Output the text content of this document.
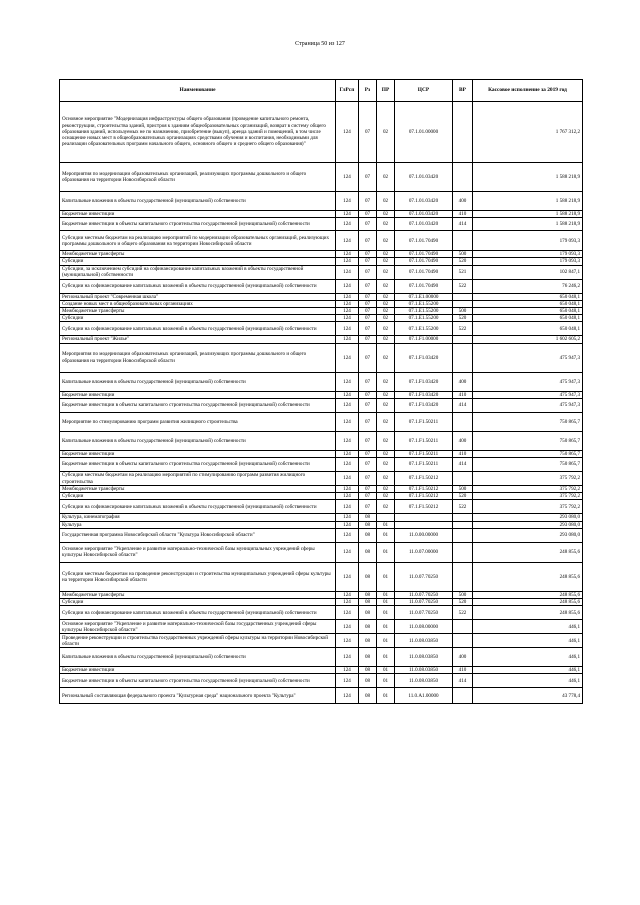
Страница 50 из 127
Наименование	ГлРсп	Рз	ПР	ЦСР	ВР	Кассовое исполнение за 2019 год
Основное мероприятие "Модернизация инфраструктуры общего образования (проведение капитального ремонта, реконструкции, строительства зданий, пристроя к зданиям общеобразовательных организаций, возврат в систему общего образования зданий, используемых не по назначению, приобретение (выкуп), аренда зданий и помещений, в том числе оснащение новых мест в общеобразовательных организациях средствами обучения и воспитания, необходимыми для реализации образовательных программ начального общего, основного общего и среднего общего образования)"	124	07	02	07.1.01.00000		1 767 312,2
Мероприятия по модернизации образовательных организаций, реализующих программы дошкольного и общего образования на территории Новосибирской области	124	07	02	07.1.01.03420		1 588 218,9
Капитальные вложения в объекты государственной (муниципальной) собственности	124	07	02	07.1.01.03420	400	1 588 218,9
Бюджетные инвестиции	124	07	02	07.1.01.03420	410	1 588 218,9
Бюджетные инвестиции в объекты капитального строительства государственной (муниципальной) собственности	124	07	02	07.1.01.03420	414	1 588 218,9
Субсидии местным бюджетам на реализацию мероприятий по модернизации образовательных организаций, реализующих программы дошкольного и общего образования на территории Новосибирской области	124	07	02	07.1.01.70490		179 093,3
Межбюджетные трансферты	124	07	02	07.1.01.70490	500	179 093,3
Субсидии	124	07	02	07.1.01.70490	520	179 093,3
Субсидии, за исключением субсидий на софинансирование капитальных вложений в объекты государственной (муниципальной) собственности	124	07	02	07.1.01.70490	521	102 847,1
Субсидии на софинансирование капитальных вложений в объекты государственной (муниципальной) собственности	124	07	02	07.1.01.70490	522	76 246,2
Региональный проект "Современная школа"	124	07	02	07.1.E1.00000		650 048,1
Создание новых мест в общеобразовательных организациях	124	07	02	07.1.E1.55200		650 048,1
Межбюджетные трансферты	124	07	02	07.1.E1.55200	500	650 048,1
Субсидии	124	07	02	07.1.E1.55200	520	650 048,1
Субсидии на софинансирование капитальных вложений в объекты государственной (муниципальной) собственности	124	07	02	07.1.E1.55200	522	650 048,1
Региональный проект "Жилье"	124	07	02	07.1.F1.00000		1 602 605,2
Мероприятия по модернизации образовательных организаций, реализующих программы дошкольного и общего образования на территории Новосибирской области	124	07	02	07.1.F1.03420		475 947,3
Капитальные вложения в объекты государственной (муниципальной) собственности	124	07	02	07.1.F1.03420	400	475 947,3
Бюджетные инвестиции	124	07	02	07.1.F1.03420	410	475 947,3
Бюджетные инвестиции в объекты капитального строительства государственной (муниципальной) собственности	124	07	02	07.1.F1.03420	414	475 947,3
Мероприятие по стимулированию программ развития жилищного строительства	124	07	02	07.1.F1.50211		750 865,7
Капитальные вложения в объекты государственной (муниципальной) собственности	124	07	02	07.1.F1.50211	400	750 865,7
Бюджетные инвестиции	124	07	02	07.1.F1.50211	410	750 865,7
Бюджетные инвестиции в объекты капитального строительства государственной (муниципальной) собственности	124	07	02	07.1.F1.50211	414	750 865,7
Субсидии местным бюджетам на реализацию мероприятий по стимулированию программ развития жилищного строительства	124	07	02	07.1.F1.50212		375 792,2
Межбюджетные трансферты	124	07	02	07.1.F1.50212	500	375 792,2
Субсидии	124	07	02	07.1.F1.50212	520	375 792,2
Субсидии на софинансирование капитальных вложений в объекты государственной (муниципальной) собственности	124	07	02	07.1.F1.50212	522	375 792,2
Культура, кинематография	124	08				293 080,0
Культура	124	08	01			293 080,0
Государственная программа Новосибирской области "Культура Новосибирской области"	124	08	01	11.0.00.00000		293 080,0
Основное мероприятие "Укрепление и развитие материально-технической базы муниципальных учреждений сферы культуры Новосибирской области"	124	08	01	11.0.07.00000		248 855,6
Субсидии местным бюджетам на проведение реконструкции и строительства муниципальных учреждений сферы культуры на территории Новосибирской области	124	08	01	11.0.07.70250		248 855,6
Межбюджетные трансферты	124	08	01	11.0.07.70250	500	248 855,6
Субсидии	124	08	01	11.0.07.70250	520	248 855,6
Субсидии на софинансирование капитальных вложений в объекты государственной (муниципальной) собственности	124	08	01	11.0.07.70250	522	248 855,6
Основное мероприятие "Укрепление и развитие материально-технической базы государственных учреждений сферы культуры Новосибирской области"	124	08	01	11.0.08.00000		446,1
Проведение реконструкции и строительства государственных учреждений сферы культуры на территории Новосибирской области	124	08	01	11.0.08.03850		446,1
Капитальные вложения в объекты государственной (муниципальной) собственности	124	08	01	11.0.08.03850	400	446,1
Бюджетные инвестиции	124	08	01	11.0.08.03850	410	446,1
Бюджетные инвестиции в объекты капитального строительства государственной (муниципальной) собственности	124	08	01	11.0.08.03850	414	446,1
Региональный составляющая федерального проекта "Культурная среда" национального проекта "Культура"	124	08	01	11.0.A1.00000		43 778,4
